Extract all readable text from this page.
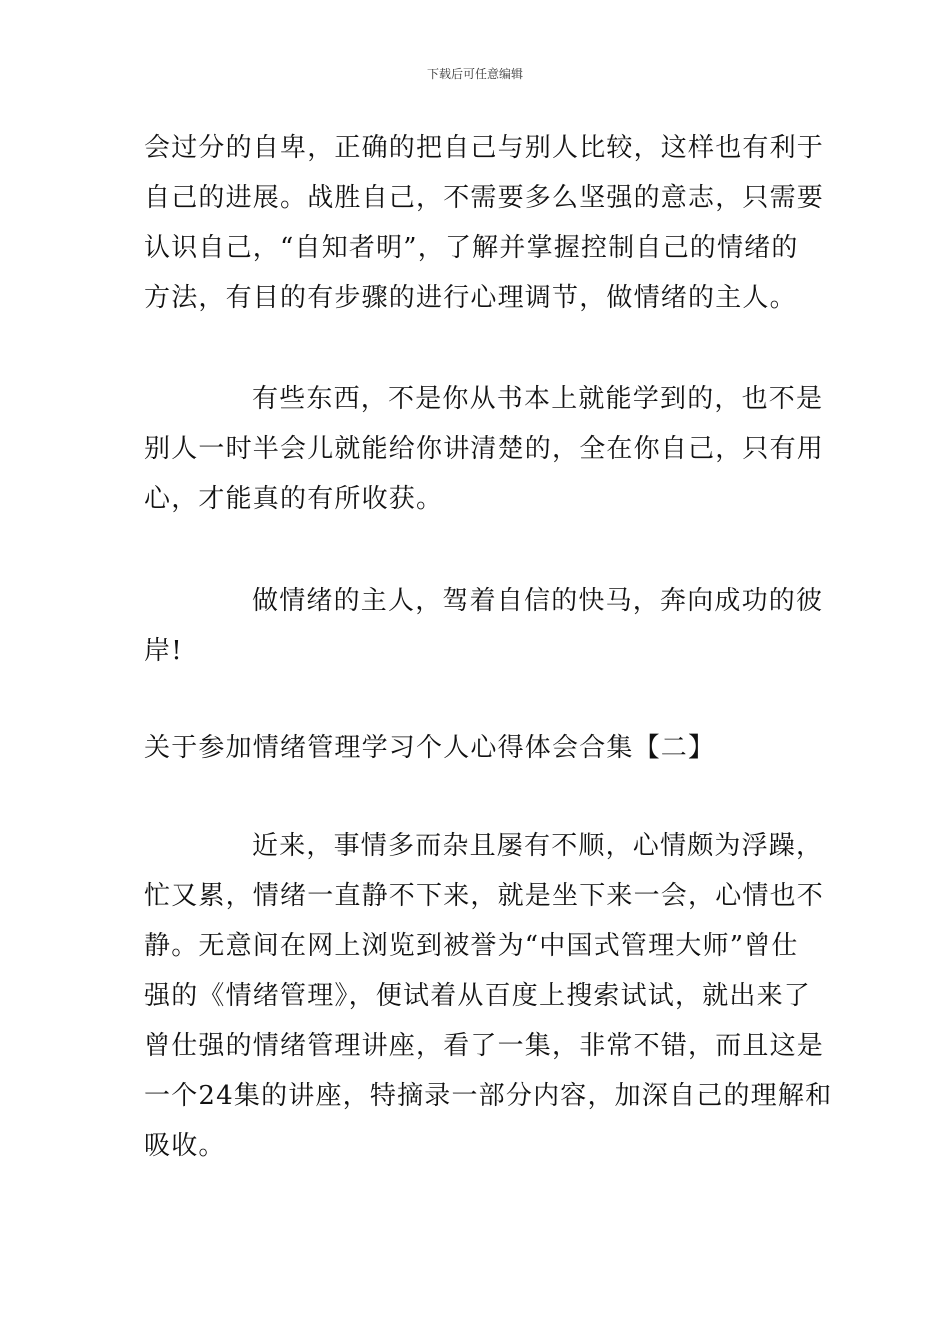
下载后可任意编辑
会过分的自卑，正确的把自己与别人比较，这样也有利于
自己的进展。战胜自己，不需要多么坚强的意志，只需要
认识自己，“自知者明”，了解并掌握控制自己的情绪的
方法，有目的有步骤的进行心理调节，做情绪的主人。
有些东西，不是你从书本上就能学到的，也不是
别人一时半会儿就能给你讲清楚的，全在你自己，只有用
心，才能真的有所收获。
做情绪的主人，驾着自信的快马，奔向成功的彼
岸!
关于参加情绪管理学习个人心得体会合集【二】
近来，事情多而杂且屡有不顺，心情颇为浮躁，
忙又累，情绪一直静不下来，就是坐下来一会，心情也不
静。无意间在网上浏览到被誉为“中国式管理大师”曾仕
强的《情绪管理》，便试着从百度上搜索试试，就出来了
曾仕强的情绪管理讲座，看了一集，非常不错，而且这是
一个24集的讲座，特摘录一部分内容，加深自己的理解和
吸收。
